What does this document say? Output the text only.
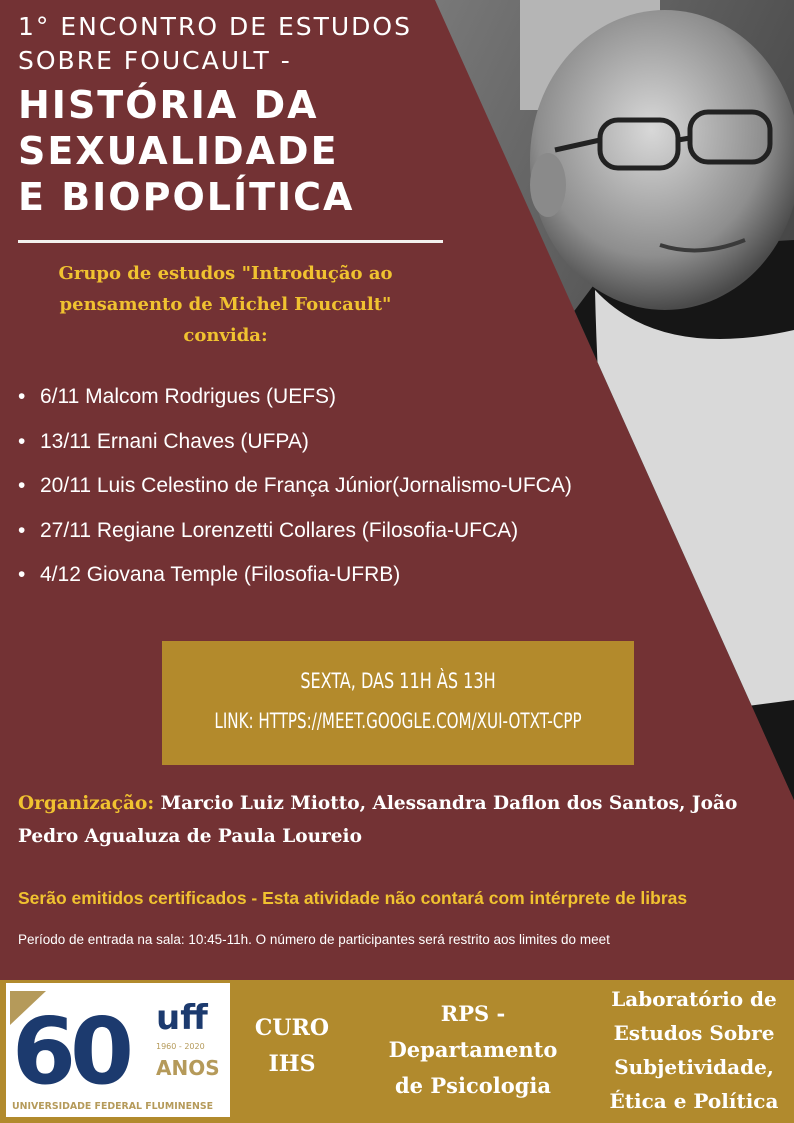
1° ENCONTRO DE ESTUDOS SOBRE FOUCAULT -
HISTÓRIA DA
SEXUALIDADE
E BIOPOLÍTICA
Grupo de estudos "Introdução ao
pensamento de Michel Foucault"
convida:
• 6/11 Malcom Rodrigues (UEFS)
• 13/11 Ernani Chaves (UFPA)
• 20/11 Luis Celestino de França Júnior(Jornalismo-UFCA)
• 27/11 Regiane Lorenzetti Collares (Filosofia-UFCA)
• 4/12 Giovana Temple (Filosofia-UFRB)
SEXTA, DAS 11H ÀS 13H
LINK: HTTPS://MEET.GOOGLE.COM/XUI-OTXT-CPP

Organização: Marcio Luiz Miotto, Alessandra Daflon dos Santos, João Pedro Agualuza de Paula Loureio

Serão emitidos certificados - Esta atividade não contará com intérprete de libras

Período de entrada na sala: 10:45-11h. O número de participantes será restrito aos limites do meet

60 uff
1960 - 2020
ANOS
UNIVERSIDADE FEDERAL FLUMINENSE
CURO
IHS
RPS -
Departamento
de Psicologia
Laboratório de
Estudos Sobre
Subjetividade,
Ética e Política
